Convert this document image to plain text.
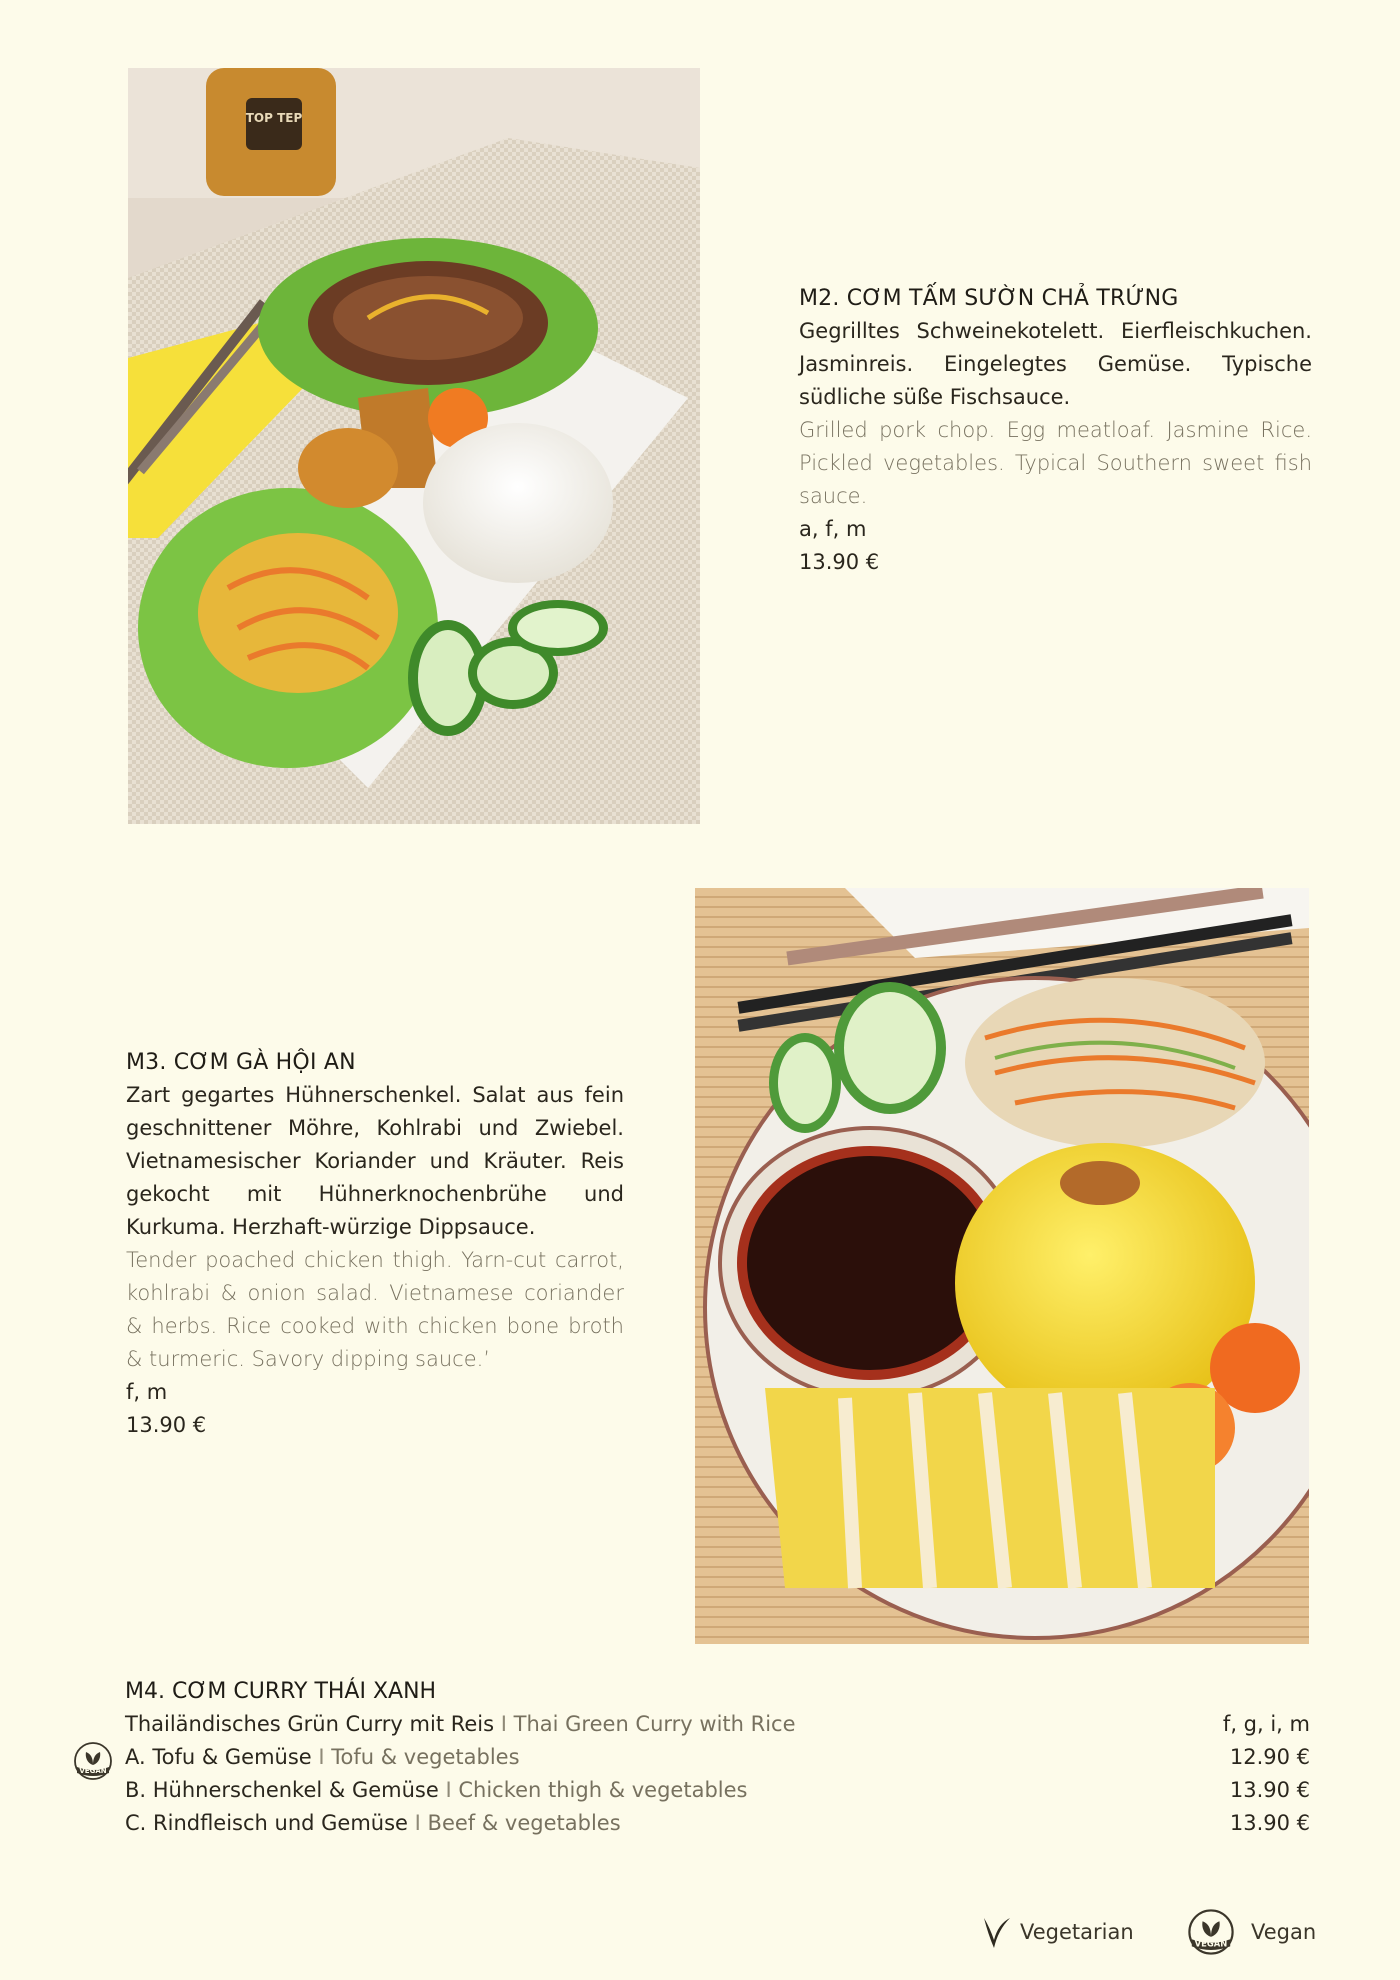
TOP TEP
M2. CƠM TẤM SƯỜN CHẢ TRỨNG
Gegrilltes Schweinekotelett. Eierfleischkuchen. Jasminreis. Eingelegtes Gemüse. Typische südliche süße Fischsauce.
Grilled pork chop. Egg meatloaf. Jasmine Rice. Pickled vegetables. Typical Southern sweet fish sauce.
a, f, m
13.90 €
M3. CƠM GÀ HỘI AN
Zart gegartes Hühnerschenkel. Salat aus fein geschnittener Möhre, Kohlrabi und Zwiebel. Vietnamesischer Koriander und Kräuter. Reis gekocht mit Hühnerknochenbrühe und Kurkuma. Herzhaft-würzige Dippsauce.
Tender poached chicken thigh. Yarn-cut carrot, kohlrabi & onion salad. Vietnamese coriander & herbs. Rice cooked with chicken bone broth & turmeric. Savory dipping sauce.’
f, m
13.90 €
M4. CƠM CURRY THÁI XANH
Thailändisches Grün Curry mit Reis I Thai Green Curry with Rice	f, g, i, m
VEGAN
A. Tofu & Gemüse I Tofu & vegetables	12.90 €
B. Hühnerschenkel & Gemüse I Chicken thigh & vegetables	13.90 €
C. Rindfleisch und Gemüse I Beef & vegetables	13.90 €
Vegetarian	VEGAN Vegan
